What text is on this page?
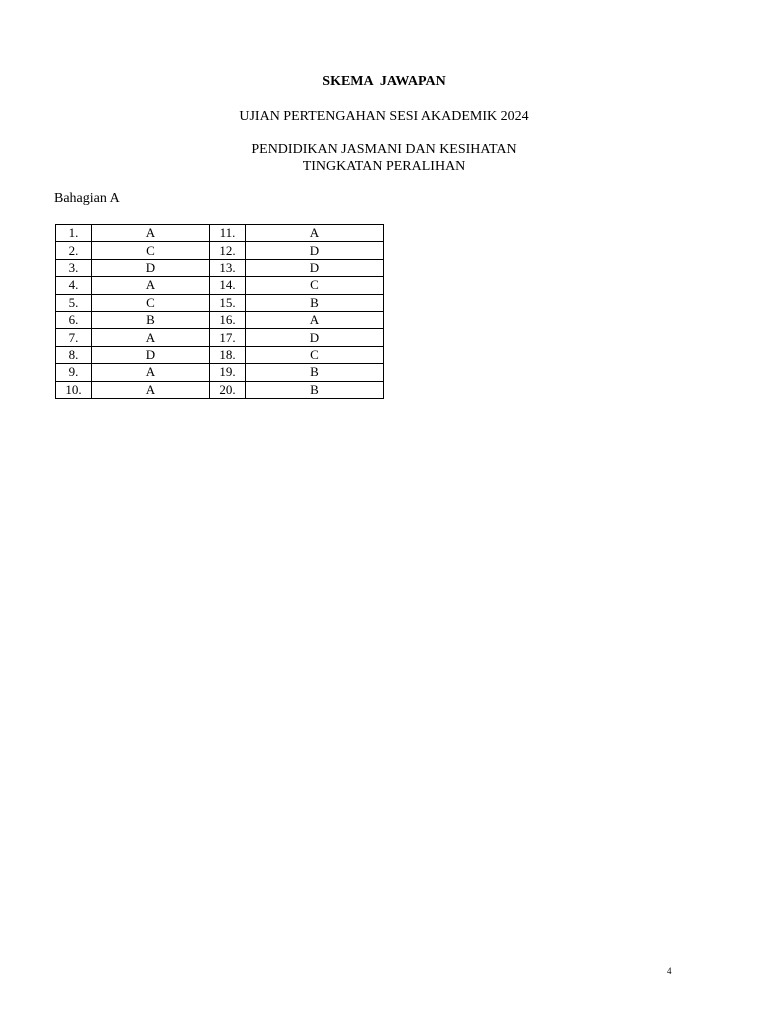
SKEMA  JAWAPAN
UJIAN PERTENGAHAN SESI AKADEMIK 2024
PENDIDIKAN JASMANI DAN KESIHATAN
TINGKATAN PERALIHAN
Bahagian A
1.	A	11.	A
2.	C	12.	D
3.	D	13.	D
4.	A	14.	C
5.	C	15.	B
6.	B	16.	A
7.	A	17.	D
8.	D	18.	C
9.	A	19.	B
10.	A	20.	B
4
